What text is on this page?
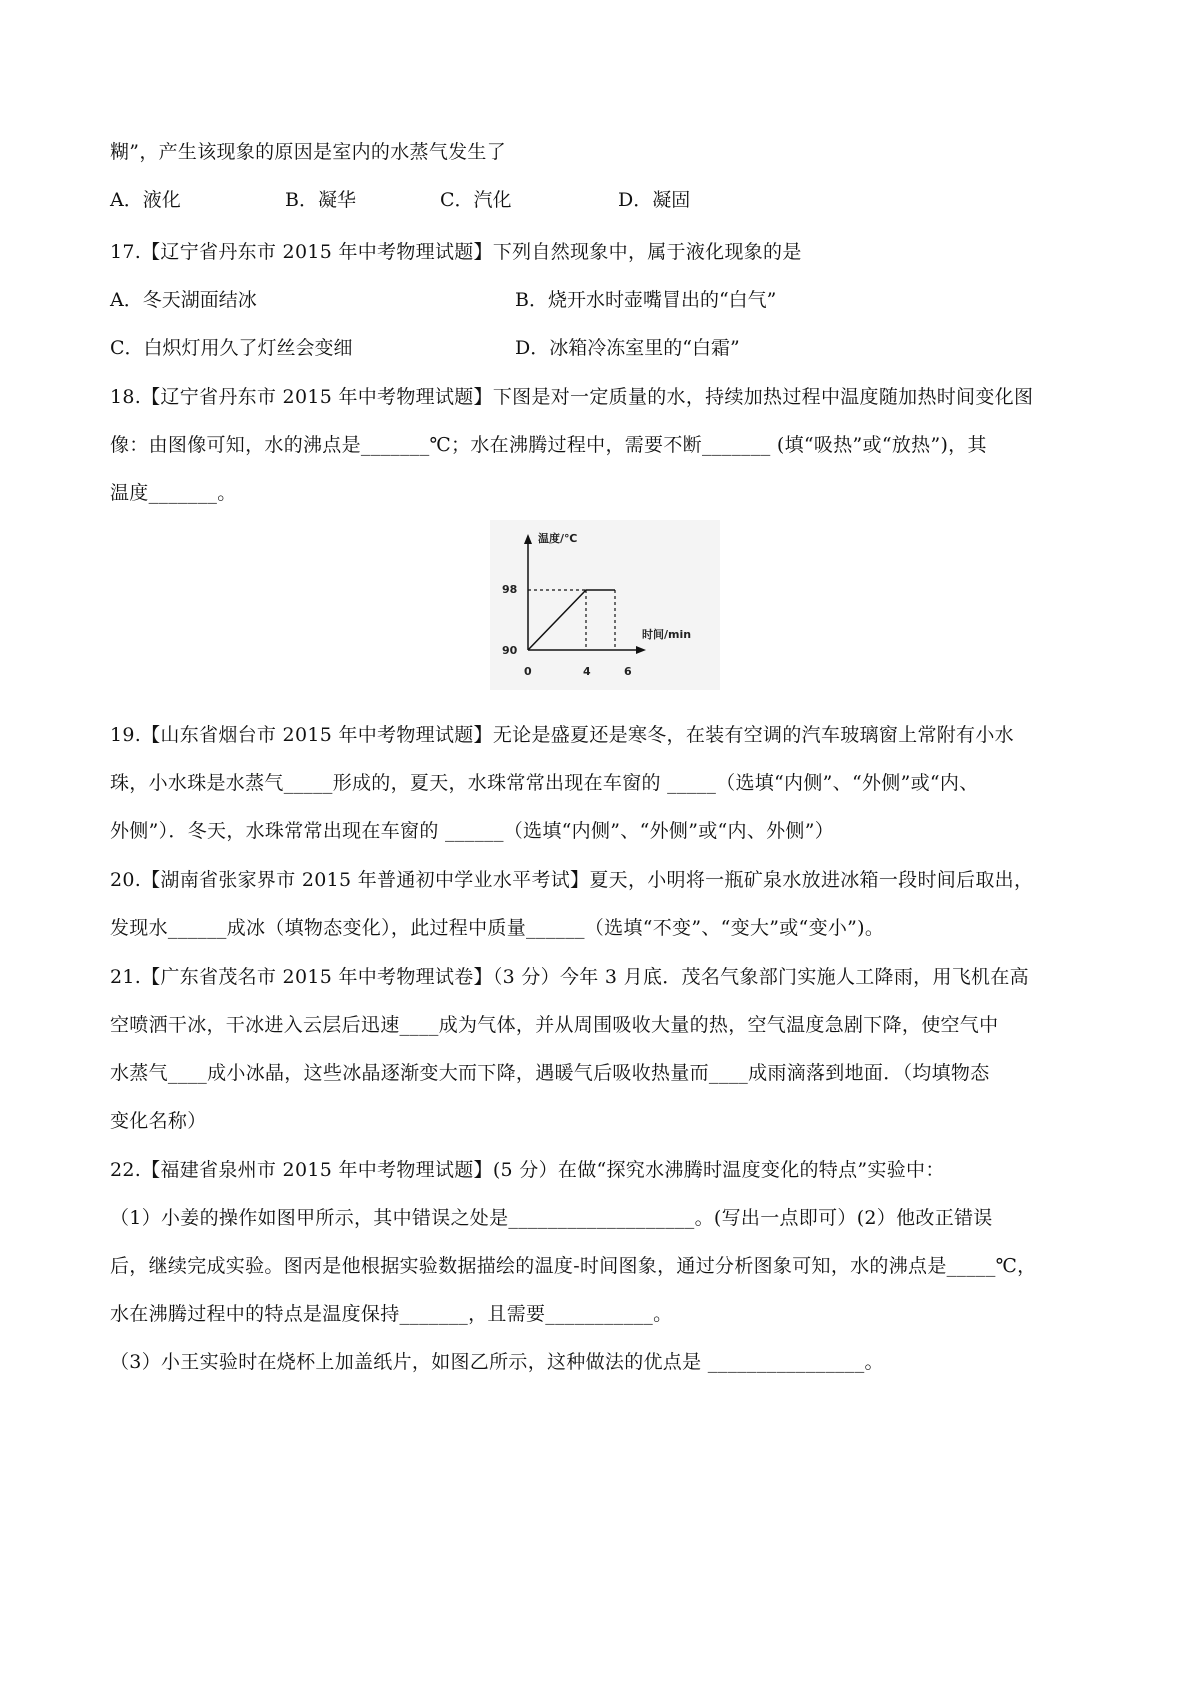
糊”，产生该现象的原因是室内的水蒸气发生了
A．液化	B．凝华	C．汽化	D．凝固
17.【辽宁省丹东市 2015 年中考物理试题】下列自然现象中，属于液化现象的是
A．冬天湖面结冰	B．烧开水时壶嘴冒出的“白气”
C．白炽灯用久了灯丝会变细	D．冰箱冷冻室里的“白霜”
18.【辽宁省丹东市 2015 年中考物理试题】下图是对一定质量的水，持续加热过程中温度随加热时间变化图
像：由图像可知，水的沸点是_______℃；水在沸腾过程中，需要不断_______ (填“吸热”或“放热”)，其
温度_______。
温度/℃
时间/min
98
90
0	4	6
19.【山东省烟台市 2015 年中考物理试题】无论是盛夏还是寒冬，在装有空调的汽车玻璃窗上常附有小水
珠，小水珠是水蒸气_____形成的，夏天，水珠常常出现在车窗的 _____（选填“内侧”、“外侧”或“内、
外侧”）．冬天，水珠常常出现在车窗的 ______（选填“内侧”、“外侧”或“内、外侧”）
20.【湖南省张家界市 2015 年普通初中学业水平考试】夏天，小明将一瓶矿泉水放进冰箱一段时间后取出，
发现水______成冰（填物态变化），此过程中质量______（选填“不变”、“变大”或“变小”)。
21.【广东省茂名市 2015 年中考物理试卷】（3 分）今年 3 月底．茂名气象部门实施人工降雨，用飞机在高
空喷洒干冰，干冰进入云层后迅速____成为气体，并从周围吸收大量的热，空气温度急剧下降，使空气中
水蒸气____成小冰晶，这些冰晶逐渐变大而下降，遇暖气后吸收热量而____成雨滴落到地面．（均填物态
变化名称）
22.【福建省泉州市 2015 年中考物理试题】(5 分）在做“探究水沸腾时温度变化的特点”实验中：
（1）小姜的操作如图甲所示，其中错误之处是___________________。(写出一点即可）(2）他改正错误
后，继续完成实验。图丙是他根据实验数据描绘的温度-时间图象，通过分析图象可知，水的沸点是_____℃，
水在沸腾过程中的特点是温度保持_______，且需要___________。
（3）小王实验时在烧杯上加盖纸片，如图乙所示，这种做法的优点是 ________________。
